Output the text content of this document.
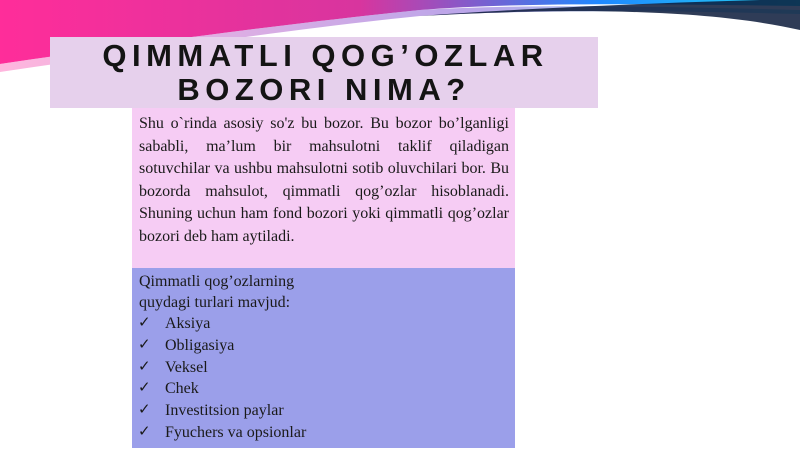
QIMMATLI QOG’OZLAR
BOZORI NIMA?

Shu o`rinda asosiy so'z bu bozor. Bu bozor bo’lganligi sababli, ma’lum bir mahsulotni taklif qiladigan sotuvchilar va ushbu mahsulotni sotib oluvchilari bor. Bu bozorda mahsulot, qimmatli qog’ozlar hisoblanadi. Shuning uchun ham fond bozori yoki qimmatli qog’ozlar bozori deb ham aytiladi.

Qimmatli qog’ozlarning
quydagi turlari mavjud:
✓ Aksiya
✓ Obligasiya
✓ Veksel
✓ Chek
✓ Investitsion paylar
✓ Fyuchers va opsionlar
